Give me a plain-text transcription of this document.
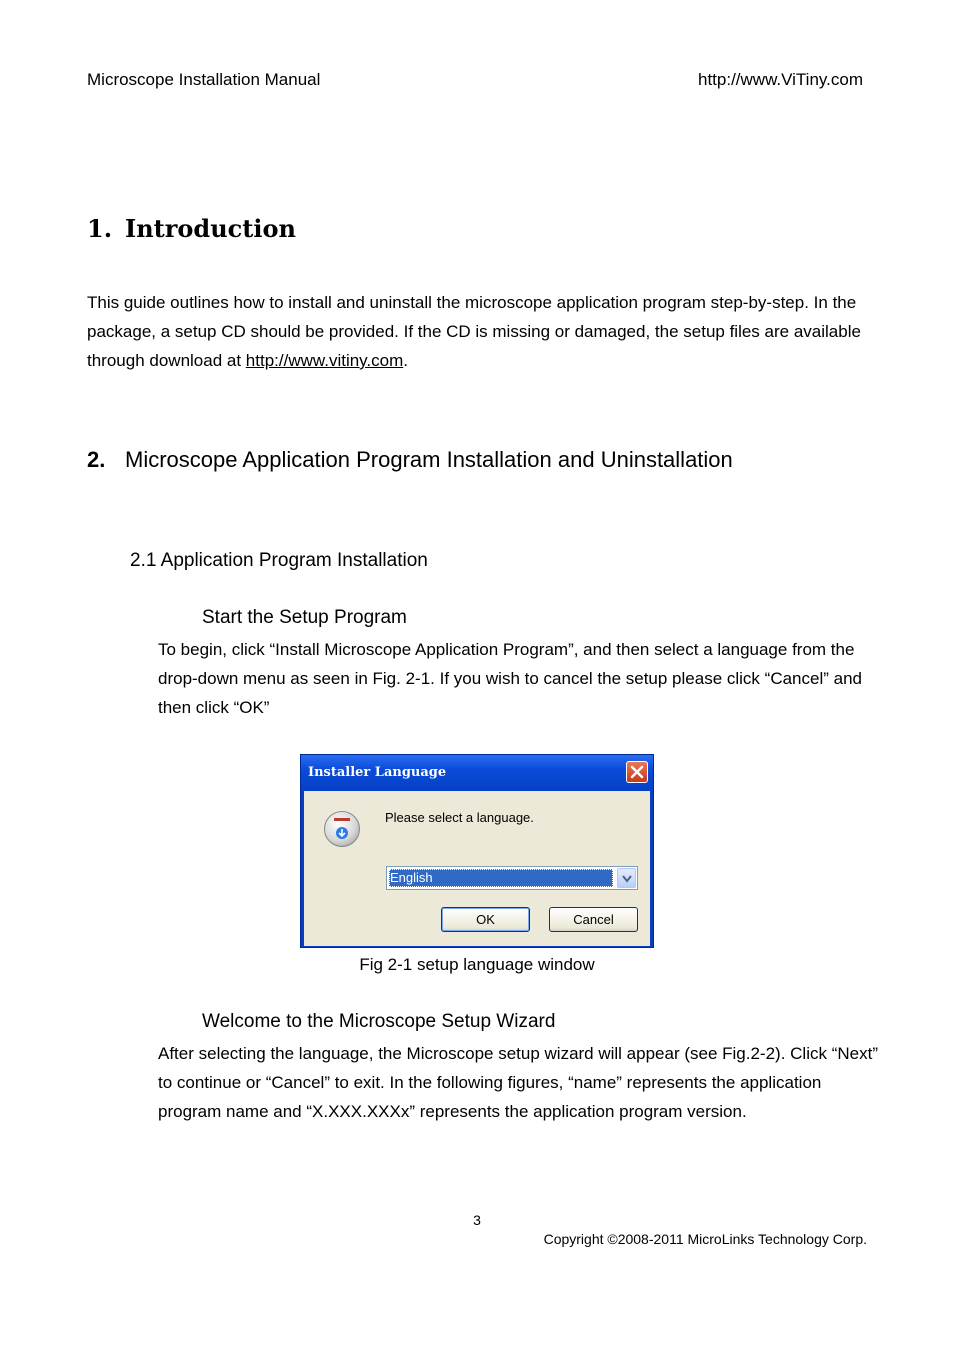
Microscope Installation Manual	http://www.ViTiny.com
1. Introduction
This guide outlines how to install and uninstall the microscope application program step-by-step. In the package, a setup CD should be provided. If the CD is missing or damaged, the setup files are available through download at http://www.vitiny.com.
2. Microscope Application Program Installation and Uninstallation
2.1 Application Program Installation
Start the Setup Program
To begin, click “Install Microscope Application Program”, and then select a language from the drop-down menu as seen in Fig. 2-1. If you wish to cancel the setup please click “Cancel” and then click “OK”
Installer Language
Please select a language.
English
OK	Cancel
Fig 2-1 setup language window
Welcome to the Microscope Setup Wizard
After selecting the language, the Microscope setup wizard will appear (see Fig.2-2). Click “Next” to continue or “Cancel” to exit. In the following figures, “name” represents the application program name and “X.XXX.XXXx” represents the application program version.
3
Copyright ©2008-2011 MicroLinks Technology Corp.
